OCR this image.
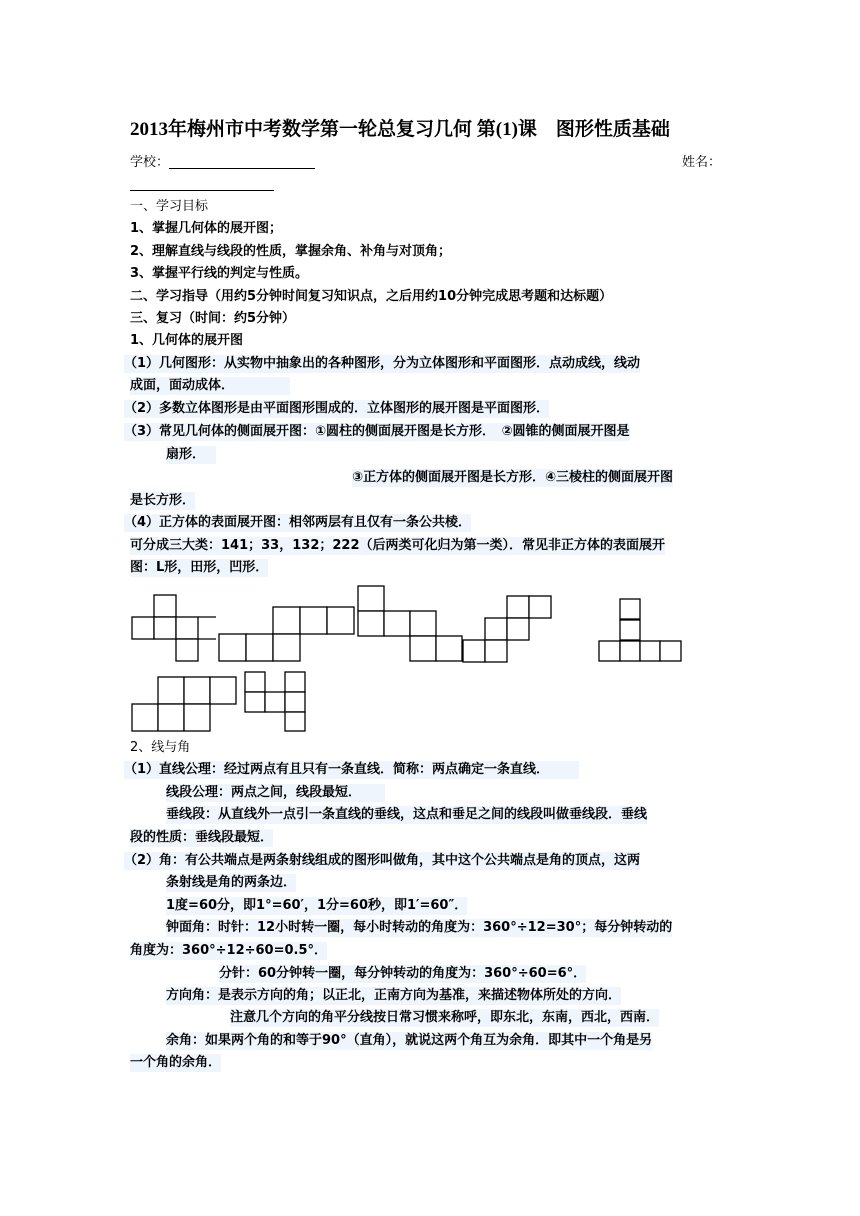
2013年梅州市中考数学第一轮总复习几何 第(1)课　图形性质基础
学校：	姓名：
一、学习目标
1、掌握几何体的展开图；
2、理解直线与线段的性质，掌握余角、补角与对顶角；
3、掌握平行线的判定与性质。
二、学习指导（用约5分钟时间复习知识点，之后用约10分钟完成思考题和达标题）
三、复习（时间：约5分钟）
1、几何体的展开图
（1）几何图形：从实物中抽象出的各种图形，分为立体图形和平面图形．点动成线，线动
成面，面动成体．
（2）多数立体图形是由平面图形围成的．立体图形的展开图是平面图形．
（3）常见几何体的侧面展开图：①圆柱的侧面展开图是长方形．　②圆锥的侧面展开图是
扇形．
③正方体的侧面展开图是长方形．④三棱柱的侧面展开图
是长方形．
（4）正方体的表面展开图：相邻两层有且仅有一条公共棱．
可分成三大类：141；33，132；222（后两类可化归为第一类）．常见非正方体的表面展开
图：L形，田形，凹形．
2、线与角
（1）直线公理：经过两点有且只有一条直线．简称：两点确定一条直线．
线段公理：两点之间，线段最短．
垂线段：从直线外一点引一条直线的垂线，这点和垂足之间的线段叫做垂线段．垂线
段的性质：垂线段最短．
（2）角：有公共端点是两条射线组成的图形叫做角，其中这个公共端点是角的顶点，这两
条射线是角的两条边．
1度=60分，即1°=60′，1分=60秒，即1′=60″．
钟面角：时针：12小时转一圈，每小时转动的角度为：360°÷12=30°；每分钟转动的
角度为：360°÷12÷60=0.5°．
分针：60分钟转一圈，每分钟转动的角度为：360°÷60=6°．
方向角：是表示方向的角；以正北，正南方向为基准，来描述物体所处的方向．
注意几个方向的角平分线按日常习惯来称呼，即东北，东南，西北，西南．
余角：如果两个角的和等于90°（直角），就说这两个角互为余角．即其中一个角是另
一个角的余角．
